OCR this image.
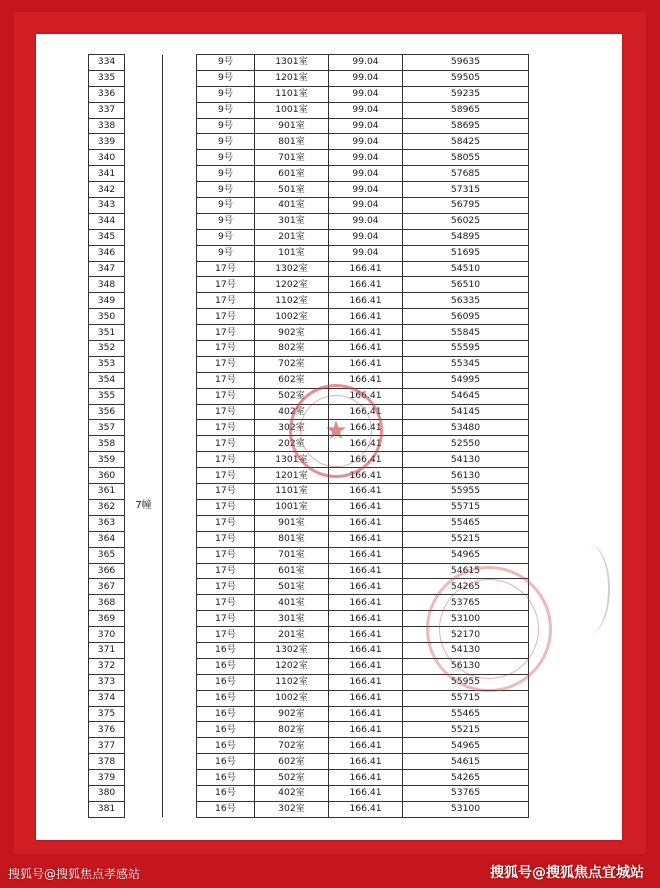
334	7幢		9号	1301室	99.04	59635	
335			9号	1201室	99.04	59505	
336			9号	1101室	99.04	59235	
337			9号	1001室	99.04	58965	
338			9号	901室	99.04	58695	
339			9号	801室	99.04	58425	
340			9号	701室	99.04	58055	
341			9号	601室	99.04	57685	
342			9号	501室	99.04	57315	
343			9号	401室	99.04	56795	
344			9号	301室	99.04	56025	
345			9号	201室	99.04	54895	
346			9号	101室	99.04	51695	
347			17号	1302室	166.41	54510	
348			17号	1202室	166.41	56510	
349			17号	1102室	166.41	56335	
350			17号	1002室	166.41	56095	
351			17号	902室	166.41	55845	
352			17号	802室	166.41	55595	
353			17号	702室	166.41	55345	
354			17号	602室	166.41	54995	
355			17号	502室	166.41	54645	
356			17号	402室	166.41	54145	
357			17号	302室	166.41	53480	
358			17号	202室	166.41	52550	
359			17号	1301室	166.41	54130	
360			17号	1201室	166.41	56130	
361			17号	1101室	166.41	55955	
362			17号	1001室	166.41	55715	
363			17号	901室	166.41	55465	
364			17号	801室	166.41	55215	
365			17号	701室	166.41	54965	
366			17号	601室	166.41	54615	
367			17号	501室	166.41	54265	
368			17号	401室	166.41	53765	
369			17号	301室	166.41	53100	
370			17号	201室	166.41	52170	
371			16号	1302室	166.41	54130	
372			16号	1202室	166.41	56130	
373			16号	1102室	166.41	55955	
374			16号	1002室	166.41	55715	
375			16号	902室	166.41	55465	
376			16号	802室	166.41	55215	
377			16号	702室	166.41	54965	
378			16号	602室	166.41	54615	
379			16号	502室	166.41	54265	
380			16号	402室	166.41	53765	
381			16号	302室	166.41	53100	
★
搜狐号@搜狐焦点孝感站	搜狐号@搜狐焦点宜城站
